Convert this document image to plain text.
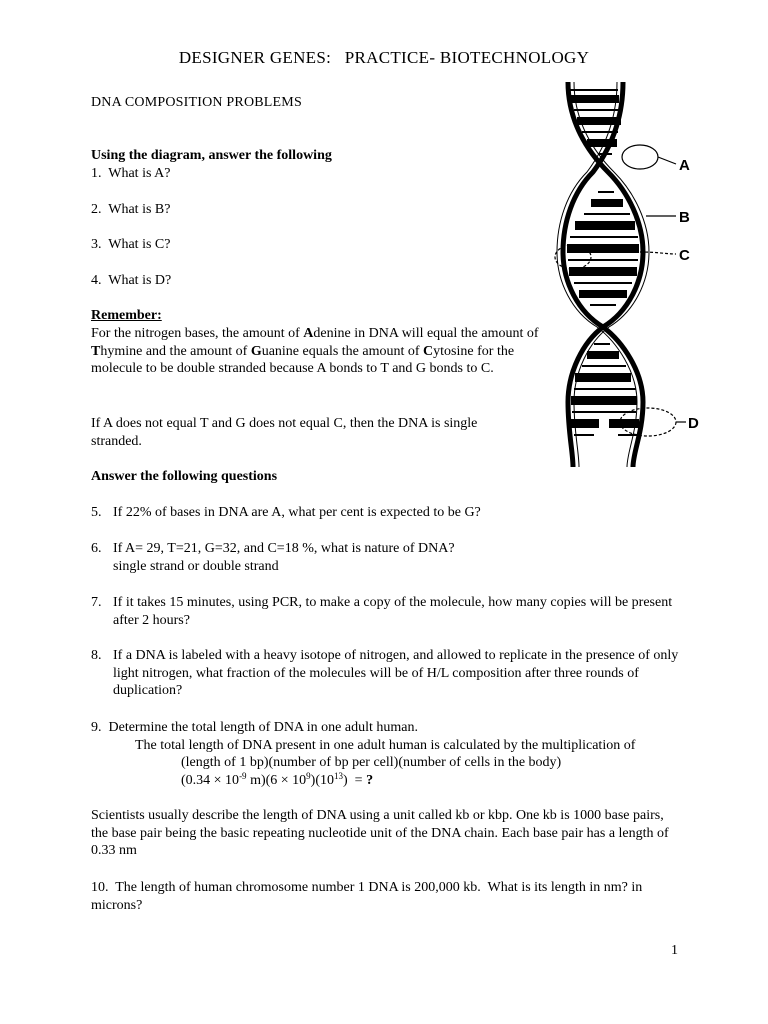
DESIGNER GENES:   PRACTICE- BIOTECHNOLOGY
DNA COMPOSITION PROBLEMS
Using the diagram, answer the following
1.  What is A?
2.  What is B?
3.  What is C?
4.  What is D?
Remember:
For the nitrogen bases, the amount of Adenine in DNA will equal the amount of Thymine and the amount of Guanine equals the amount of Cytosine for the molecule to be double stranded because A bonds to T and G bonds to C.
If A does not equal T and G does not equal C, then the DNA is single stranded.
Answer the following questions
5. If 22% of bases in DNA are A, what per cent is expected to be G?
6. If A= 29, T=21, G=32, and C=18 %, what is nature of DNA?
single strand or double strand
7. If it takes 15 minutes, using PCR, to make a copy of the molecule, how many copies will be present after 2 hours?
8. If a DNA is labeled with a heavy isotope of nitrogen, and allowed to replicate in the presence of only light nitrogen, what fraction of the molecules will be of H/L composition after three rounds of duplication?
9.  Determine the total length of DNA in one adult human.
The total length of DNA present in one adult human is calculated by the multiplication of
(length of 1 bp)(number of bp per cell)(number of cells in the body)
($0.34 \times 10^{-9}$ $m)(6 \times 10^9)(10^{13})$  = ?
Scientists usually describe the length of DNA using a unit called kb or kbp. One kb is 1000 base pairs, the base pair being the basic repeating nucleotide unit of the DNA chain. Each base pair has a length of 0.33 nm
10.  The length of human chromosome number 1 DNA is 200,000 kb.  What is its length in nm? in microns?
1
A
B
C
D
